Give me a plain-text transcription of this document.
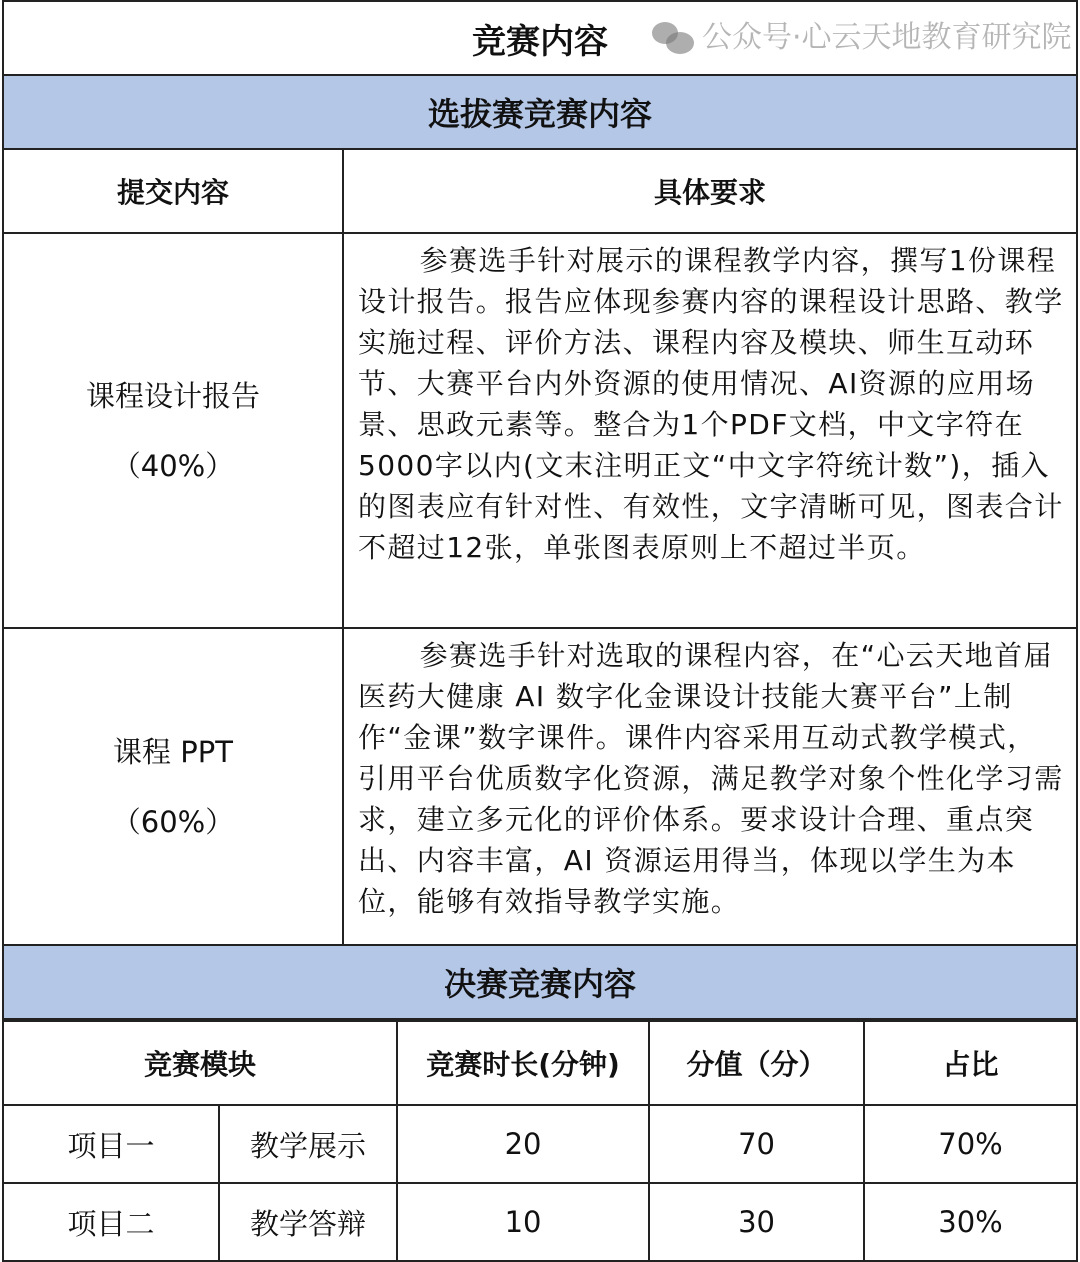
竞赛内容	
选拔赛竞赛内容	
提交内容	具体要求

课程设计报告
（40%）	参赛选手针对展示的课程教学内容，撰写1份课程设计报告。报告应体现参赛内容的课程设计思路、教学实施过程、评价方法、课程内容及模块、师生互动环节、大赛平台内外资源的使用情况、AI资源的应用场景、思政元素等。整合为1个PDF文档，中文字符在5000字以内(文末注明正文“中文字符统计数”)，插入的图表应有针对性、有效性，文字清晰可见，图表合计不超过12张，单张图表原则上不超过半页。

课程 PPT
（60%）	参赛选手针对选取的课程内容，在“心云天地首届医药大健康 AI 数字化金课设计技能大赛平台”上制作“金课”数字课件。课件内容采用互动式教学模式，引用平台优质数字化资源，满足教学对象个性化学习需求，建立多元化的评价体系。要求设计合理、重点突出、内容丰富，AI 资源运用得当，体现以学生为本位，能够有效指导教学实施。
决赛竞赛内容	
竞赛模块		竞赛时长(分钟)	分值（分）	占比
项目一	教学展示	20	70	70%
项目二	教学答辩	10	30	30%
公众号·心云天地教育研究院
